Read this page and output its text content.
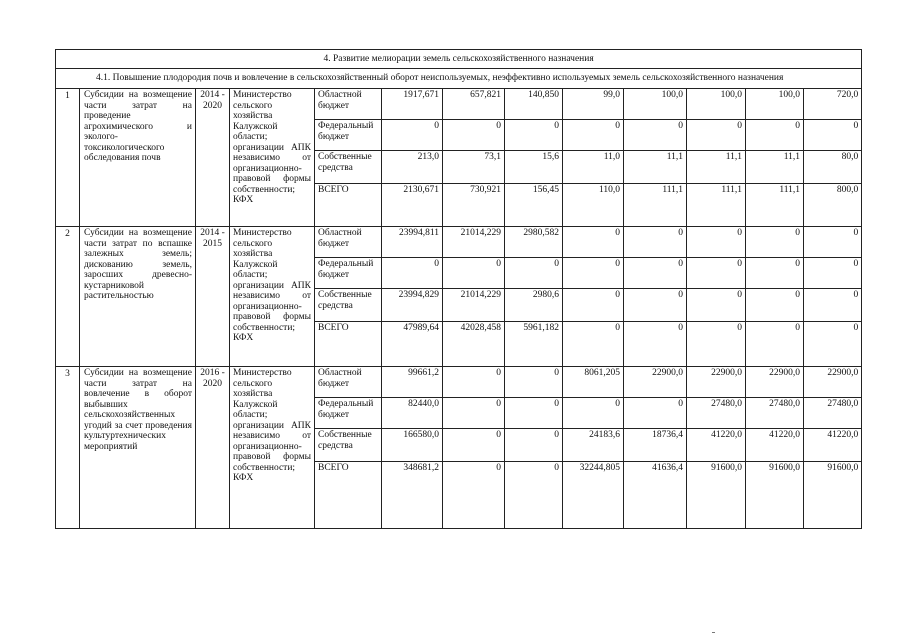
4. Развитие мелиорации земель сельскохозяйственного назначения												
4.1. Повышение плодородия почв и вовлечение в сельскохозяйственный оборот неиспользуемых, неэффективно используемых земель сельскохозяйственного назначения												
1	Субсидии на возмещение части затрат на проведение агрохимического и эколого-токсикологического обследования почв	2014 - 2020	Министерство сельского хозяйства Калужской области; организации АПК независимо от организационно-правовой формы собственности; КФХ	Областной бюджет	1917,671	657,821	140,850	99,0	100,0	100,0	100,0	720,0
				Федеральный бюджет	0	0	0	0	0	0	0	0
				Собственные средства	213,0	73,1	15,6	11,0	11,1	11,1	11,1	80,0
				ВСЕГО	2130,671	730,921	156,45	110,0	111,1	111,1	111,1	800,0
2	Субсидии на возмещение части затрат по вспашке залежных земель; дискованию земель, заросших древесно-кустарниковой растительностью	2014 - 2015	Министерство сельского хозяйства Калужской области; организации АПК независимо от организационно-правовой формы собственности; КФХ	Областной бюджет	23994,811	21014,229	2980,582	0	0	0	0	0
				Федеральный бюджет	0	0	0	0	0	0	0	0
				Собственные средства	23994,829	21014,229	2980,6	0	0	0	0	0
				ВСЕГО	47989,64	42028,458	5961,182	0	0	0	0	0
3	Субсидии на возмещение части затрат на вовлечение в оборот выбывших сельскохозяйственных угодий за счет проведения культуртехнических мероприятий	2016 - 2020	Министерство сельского хозяйства Калужской области; организации АПК независимо от организационно-правовой формы собственности; КФХ	Областной бюджет	99661,2	0	0	8061,205	22900,0	22900,0	22900,0	22900,0
				Федеральный бюджет	82440,0	0	0	0	0	27480,0	27480,0	27480,0
				Собственные средства	166580,0	0	0	24183,6	18736,4	41220,0	41220,0	41220,0
				ВСЕГО	348681,2	0	0	32244,805	41636,4	91600,0	91600,0	91600,0
